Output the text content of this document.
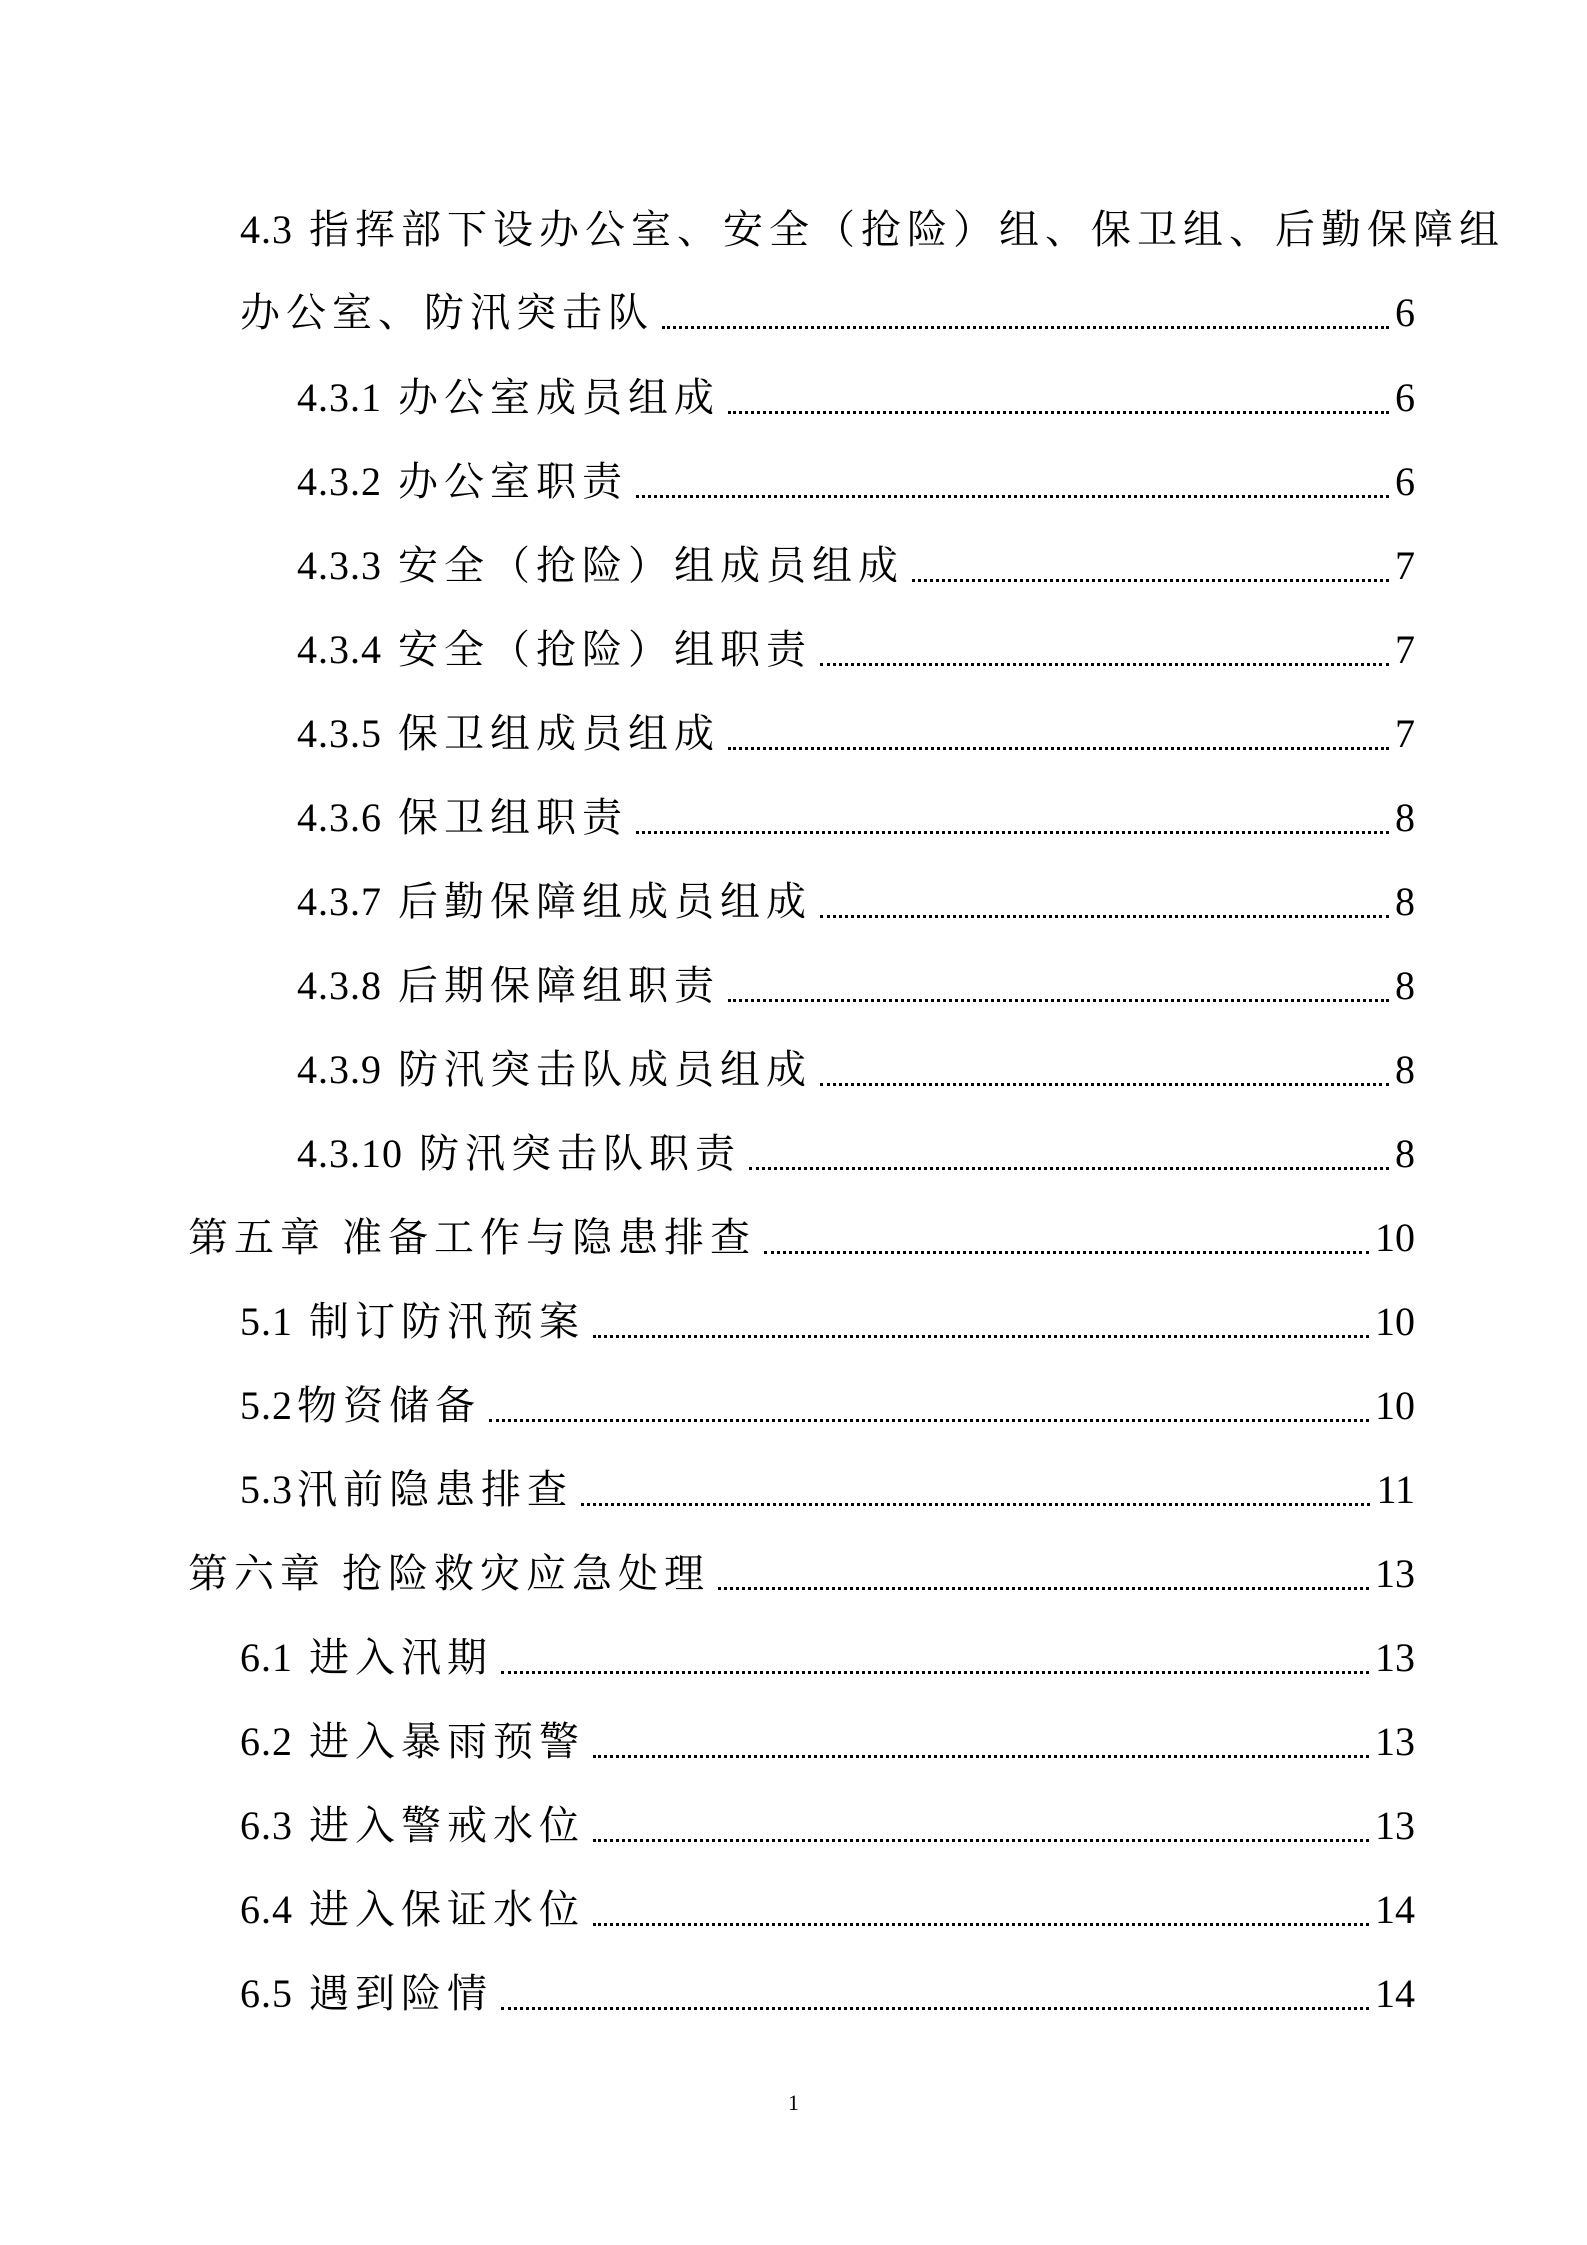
4.3 指挥部下设办公室、安全（抢险）组、保卫组、后勤保障组
办公室、防汛突击队	6
4.3.1 办公室成员组成	6
4.3.2 办公室职责	6
4.3.3 安全（抢险）组成员组成	7
4.3.4 安全（抢险）组职责	7
4.3.5 保卫组成员组成	7
4.3.6 保卫组职责	8
4.3.7 后勤保障组成员组成	8
4.3.8 后期保障组职责	8
4.3.9 防汛突击队成员组成	8
4.3.10 防汛突击队职责	8
第五章 准备工作与隐患排查	10
5.1 制订防汛预案	10
5.2 物资储备	10
5.3 汛前隐患排查	11
第六章 抢险救灾应急处理	13
6.1 进入汛期	13
6.2 进入暴雨预警	13
6.3 进入警戒水位	13
6.4 进入保证水位	14
6.5 遇到险情	14
1
